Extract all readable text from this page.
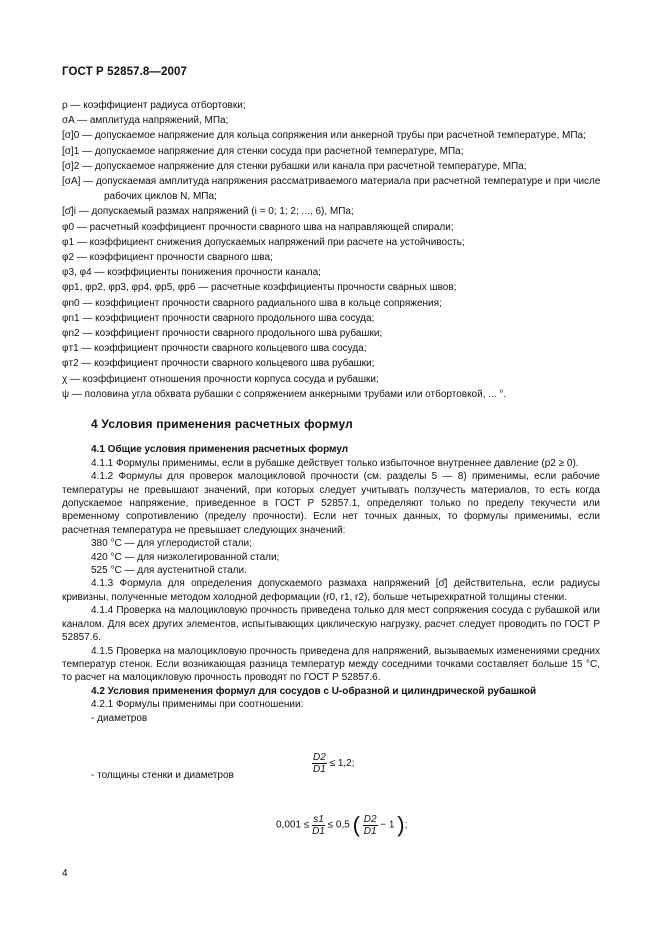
ГОСТ Р 52857.8—2007
ρ — коэффициент радиуса отбортовки;
σA — амплитуда напряжений, МПа;
[σ]0 — допускаемое напряжение для кольца сопряжения или анкерной трубы при расчетной температуре, МПа;
[σ]1 — допускаемое напряжение для стенки сосуда при расчетной температуре, МПа;
[σ]2 — допускаемое напряжение для стенки рубашки или канала при расчетной температуре, МПа;
[σA] — допускаемая амплитуда напряжения рассматриваемого материала при расчетной температуре и при числе рабочих циклов N, МПа;
[σ̄]i — допускаемый размах напряжений (i = 0; 1; 2; ..., 6), МПа;
φ0 — расчетный коэффициент прочности сварного шва на направляющей спирали;
φ1 — коэффициент снижения допускаемых напряжений при расчете на устойчивость;
φ2 — коэффициент прочности сварного шва;
φ3, φ4 — коэффициенты понижения прочности канала;
φp1, φp2, φp3, φp4, φp5, φp6 — расчетные коэффициенты прочности сварных швов;
φn0 — коэффициент прочности сварного радиального шва в кольце сопряжения;
φn1 — коэффициент прочности сварного продольного шва сосуда;
φn2 — коэффициент прочности сварного продольного шва рубашки;
φт1 — коэффициент прочности сварного кольцевого шва сосуда;
φт2 — коэффициент прочности сварного кольцевого шва рубашки;
χ — коэффициент отношения прочности корпуса сосуда и рубашки;
ψ — половина угла обхвата рубашки с сопряжением анкерными трубами или отбортовкой, ... °.
4 Условия применения расчетных формул
4.1 Общие условия применения расчетных формул

4.1.1 Формулы применимы, если в рубашке действует только избыточное внутреннее давление (p2 ≥ 0).

4.1.2 Формулы для проверок малоцикловой прочности (см. разделы 5 — 8) применимы, если рабочие температуры не превышают значений, при которых следует учитывать ползучесть материалов, то есть когда допускаемое напряжение, приведенное в ГОСТ Р 52857.1, определяют только по пределу текучести или временному сопротивлению (пределу прочности). Если нет точных данных, то формулы применимы, если расчетная температура не превышает следующих значений:

380 °С — для углеродистой стали;

420 °С — для низколегированной стали;

525 °С — для аустенитной стали.

4.1.3 Формула для определения допускаемого размаха напряжений [σ̄] действительна, если радиусы кривизны, полученные методом холодной деформации (r0, r1, r2), больше четырехкратной толщины стенки.

4.1.4 Проверка на малоцикловую прочность приведена только для мест сопряжения сосуда с рубашкой или каналом. Для всех других элементов, испытывающих циклическую нагрузку, расчет следует проводить по ГОСТ Р 52857.6.

4.1.5 Проверка на малоцикловую прочность приведена для напряжений, вызываемых изменениями средних температур стенок. Если возникающая разница температур между соседними точками составляет больше 15 °С, то расчет на малоцикловую прочность проводят по ГОСТ Р 52857.6.

4.2 Условия применения формул для сосудов с U-образной и цилиндрической рубашкой

4.2.1 Формулы применимы при соотношении:

- диаметров

- толщины стенки и диаметров

$\frac{D2}{D1} \le 1,2$;
$0,001 \le \frac{s1}{D1} \le 0,5$ ( $\frac{D2}{D1} - 1$ );
4
